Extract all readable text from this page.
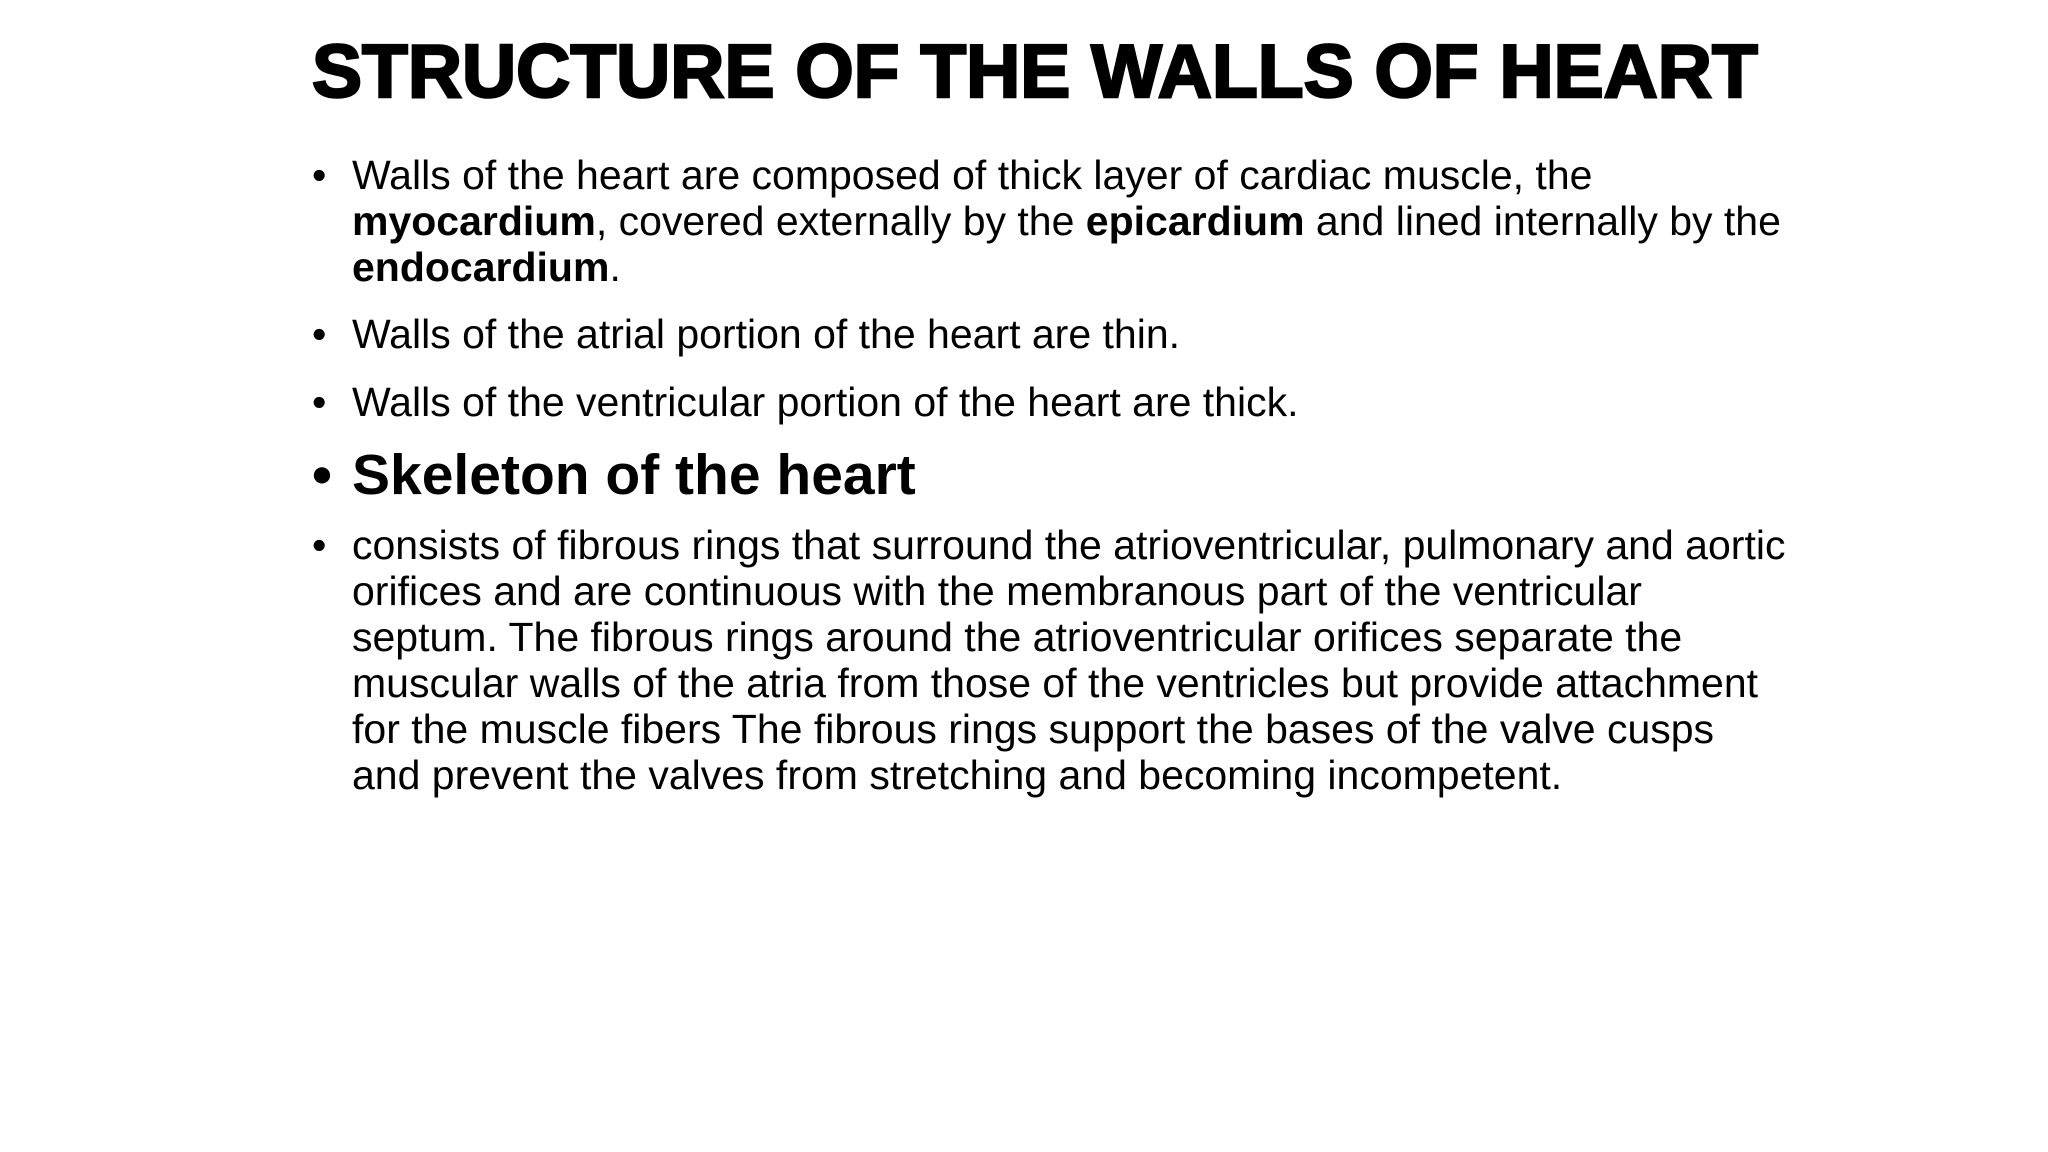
STRUCTURE OF THE WALLS OF HEART
• Walls of the heart are composed of thick layer of cardiac muscle, the myocardium, covered externally by the epicardium and lined internally by the endocardium.
• Walls of the atrial portion of the heart are thin.
• Walls of the ventricular portion of the heart are thick.
• Skeleton of the heart
• consists of fibrous rings that surround the atrioventricular, pulmonary and aortic orifices and are continuous with the membranous part of the ventricular septum. The fibrous rings around the atrioventricular orifices separate the muscular walls of the atria from those of the ventricles but provide attachment for the muscle fibers The fibrous rings support the bases of the valve cusps and prevent the valves from stretching and becoming incompetent.
